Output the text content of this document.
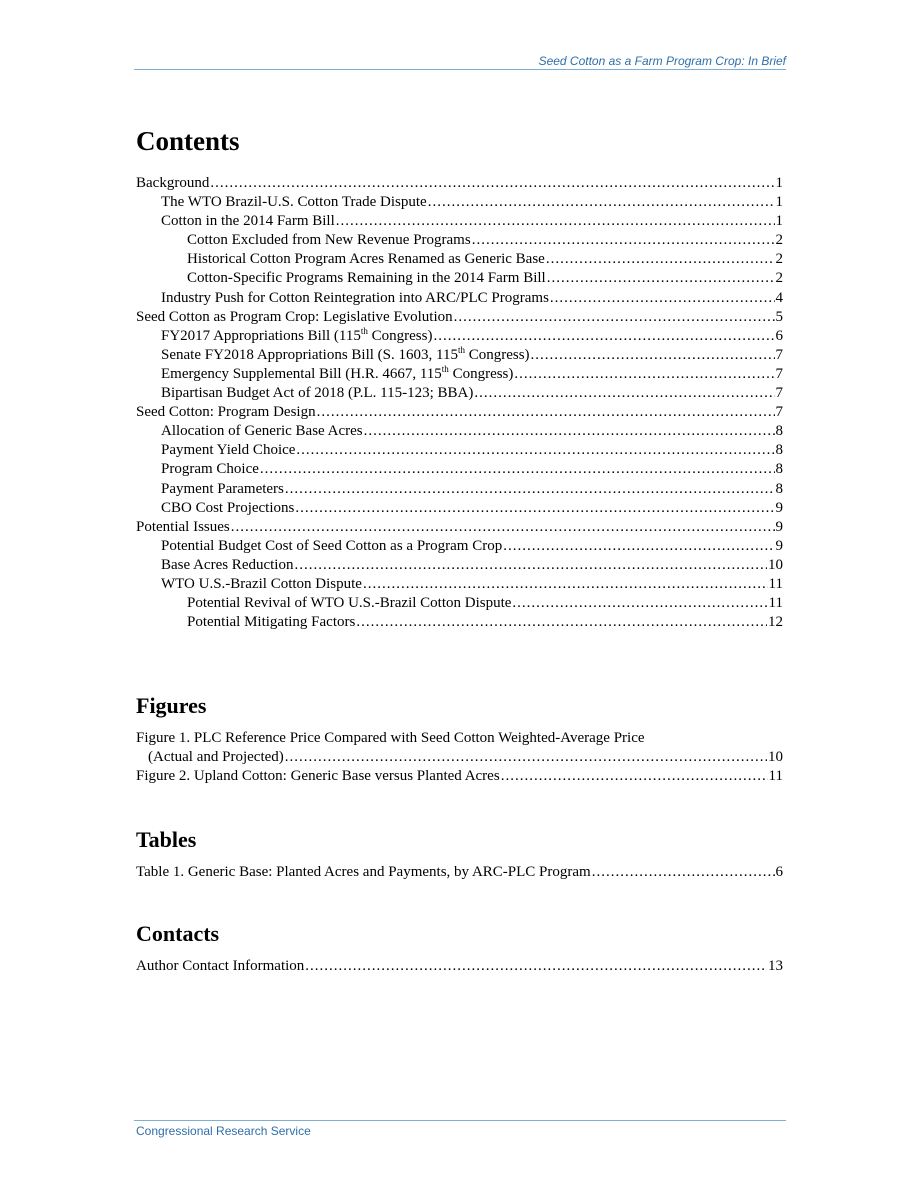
Seed Cotton as a Farm Program Crop: In Brief
Contents
Background .....	1
The WTO Brazil-U.S. Cotton Trade Dispute .....	1
Cotton in the 2014 Farm Bill .....	1
Cotton Excluded from New Revenue Programs .....	2
Historical Cotton Program Acres Renamed as Generic Base .....	2
Cotton-Specific Programs Remaining in the 2014 Farm Bill .....	2
Industry Push for Cotton Reintegration into ARC/PLC Programs .....	4
Seed Cotton as Program Crop: Legislative Evolution .....	5
FY2017 Appropriations Bill (115th Congress) .....	6
Senate FY2018 Appropriations Bill (S. 1603, 115th Congress) .....	7
Emergency Supplemental Bill (H.R. 4667, 115th Congress) .....	7
Bipartisan Budget Act of 2018 (P.L. 115-123; BBA) .....	7
Seed Cotton: Program Design .....	7
Allocation of Generic Base Acres .....	8
Payment Yield Choice .....	8
Program Choice .....	8
Payment Parameters .....	8
CBO Cost Projections .....	9
Potential Issues .....	9
Potential Budget Cost of Seed Cotton as a Program Crop .....	9
Base Acres Reduction .....	10
WTO U.S.-Brazil Cotton Dispute .....	11
Potential Revival of WTO U.S.-Brazil Cotton Dispute .....	11
Potential Mitigating Factors .....	12
Figures
Figure 1. PLC Reference Price Compared with Seed Cotton Weighted-Average Price
(Actual and Projected) .....	10
Figure 2. Upland Cotton: Generic Base versus Planted Acres .....	11
Tables
Table 1. Generic Base: Planted Acres and Payments, by ARC-PLC Program .....	6
Contacts
Author Contact Information .....	13
Congressional Research Service
